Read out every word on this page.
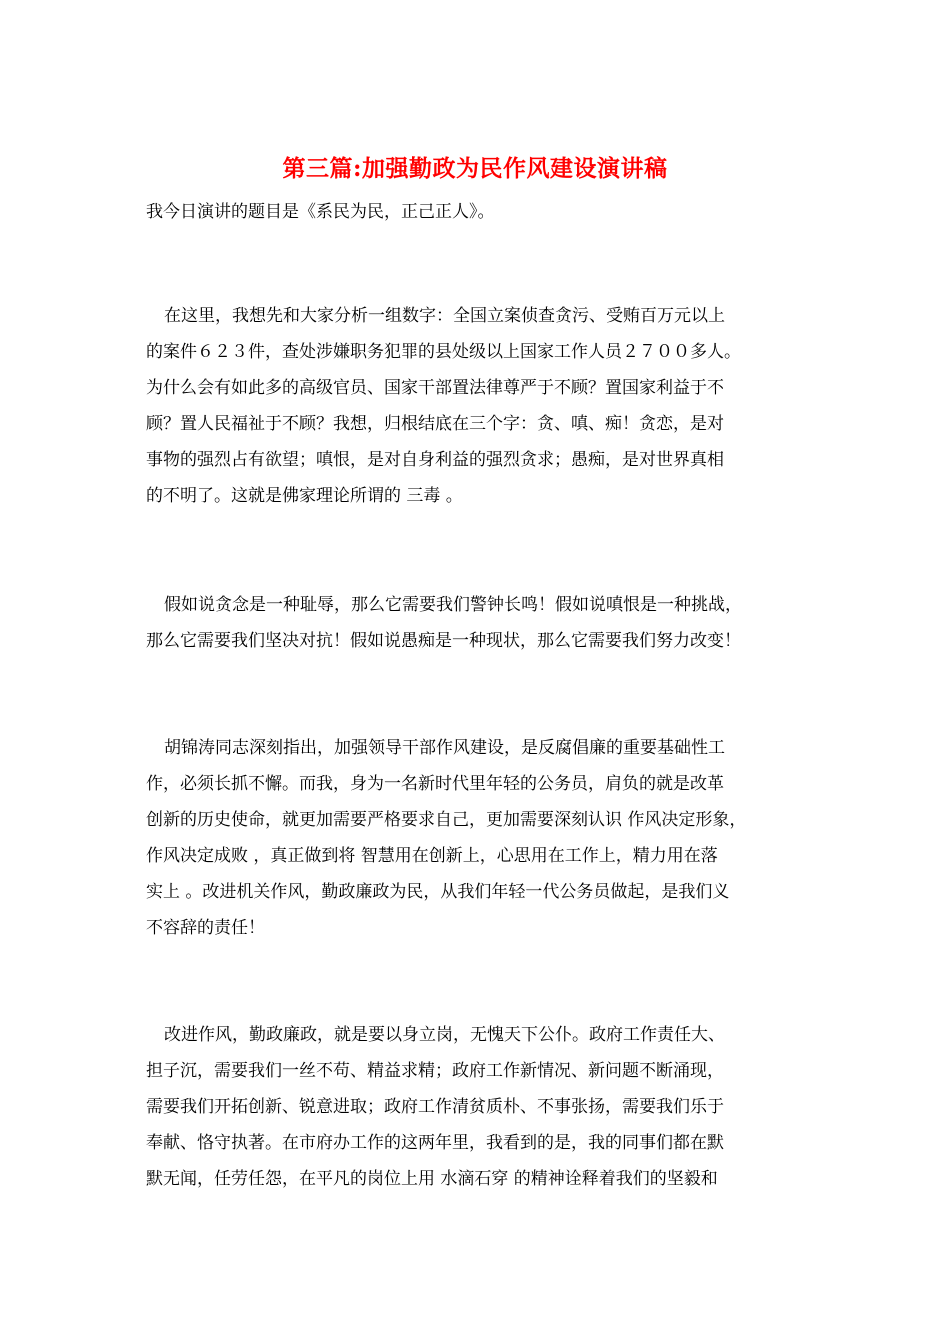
第三篇:加强勤政为民作风建设演讲稿
我今日演讲的题目是《系民为民，正己正人》。
在这里，我想先和大家分析一组数字：全国立案侦查贪污、受贿百万元以上
的案件６２３件，查处涉嫌职务犯罪的县处级以上国家工作人员２７００多人。
为什么会有如此多的高级官员、国家干部置法律尊严于不顾？置国家利益于不
顾？置人民福祉于不顾？我想，归根结底在三个字：贪、嗔、痴！贪恋，是对
事物的强烈占有欲望；嗔恨，是对自身利益的强烈贪求；愚痴，是对世界真相
的不明了。这就是佛家理论所谓的 三毒 。
假如说贪念是一种耻辱，那么它需要我们警钟长鸣！假如说嗔恨是一种挑战，
那么它需要我们坚决对抗！假如说愚痴是一种现状，那么它需要我们努力改变！
胡锦涛同志深刻指出，加强领导干部作风建设，是反腐倡廉的重要基础性工
作，必须长抓不懈。而我，身为一名新时代里年轻的公务员，肩负的就是改革
创新的历史使命，就更加需要严格要求自己，更加需要深刻认识 作风决定形象，
作风决定成败 ，真正做到将 智慧用在创新上，心思用在工作上，精力用在落
实上 。改进机关作风，勤政廉政为民，从我们年轻一代公务员做起，是我们义
不容辞的责任！
改进作风，勤政廉政，就是要以身立岗，无愧天下公仆。政府工作责任大、
担子沉，需要我们一丝不苟、精益求精；政府工作新情况、新问题不断涌现，
需要我们开拓创新、锐意进取；政府工作清贫质朴、不事张扬，需要我们乐于
奉献、恪守执著。在市府办工作的这两年里，我看到的是，我的同事们都在默
默无闻，任劳任怨，在平凡的岗位上用 水滴石穿 的精神诠释着我们的坚毅和
